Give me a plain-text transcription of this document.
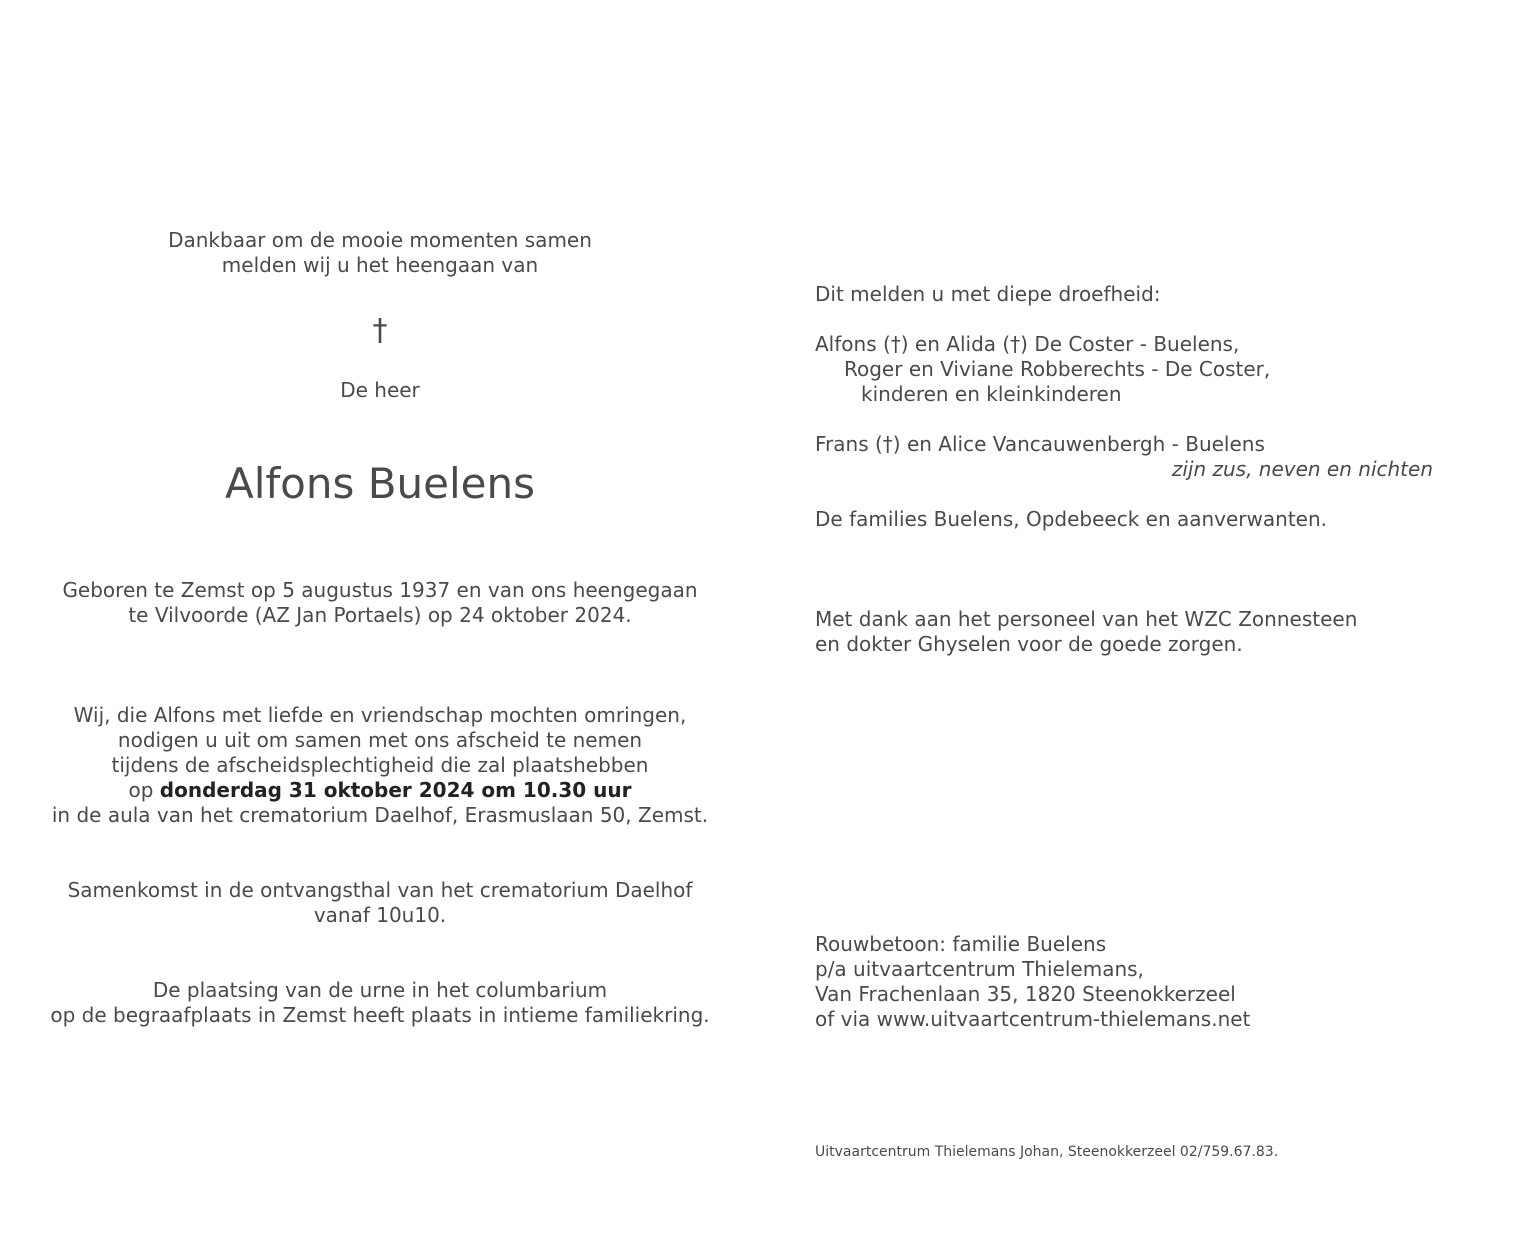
Dankbaar om de mooie momenten samen
melden wij u het heengaan van
†
De heer
Alfons Buelens
Geboren te Zemst op 5 augustus 1937 en van ons heengegaan
te Vilvoorde (AZ Jan Portaels) op 24 oktober 2024.
Wij, die Alfons met liefde en vriendschap mochten omringen,
nodigen u uit om samen met ons afscheid te nemen
tijdens de afscheidsplechtigheid die zal plaatshebben
op donderdag 31 oktober 2024 om 10.30 uur
in de aula van het crematorium Daelhof, Erasmuslaan 50, Zemst.
Samenkomst in de ontvangsthal van het crematorium Daelhof
vanaf 10u10.
De plaatsing van de urne in het columbarium
op de begraafplaats in Zemst heeft plaats in intieme familiekring.
Dit melden u met diepe droefheid:
Alfons (†) en Alida (†) De Coster - Buelens,
Roger en Viviane Robberechts - De Coster,
kinderen en kleinkinderen
Frans (†) en Alice Vancauwenbergh - Buelens
zijn zus, neven en nichten
De families Buelens, Opdebeeck en aanverwanten.
Met dank aan het personeel van het WZC Zonnesteen
en dokter Ghyselen voor de goede zorgen.
Rouwbetoon: familie Buelens
p/a uitvaartcentrum Thielemans,
Van Frachenlaan 35, 1820 Steenokkerzeel
of via www.uitvaartcentrum-thielemans.net
Uitvaartcentrum Thielemans Johan, Steenokkerzeel 02/759.67.83.
